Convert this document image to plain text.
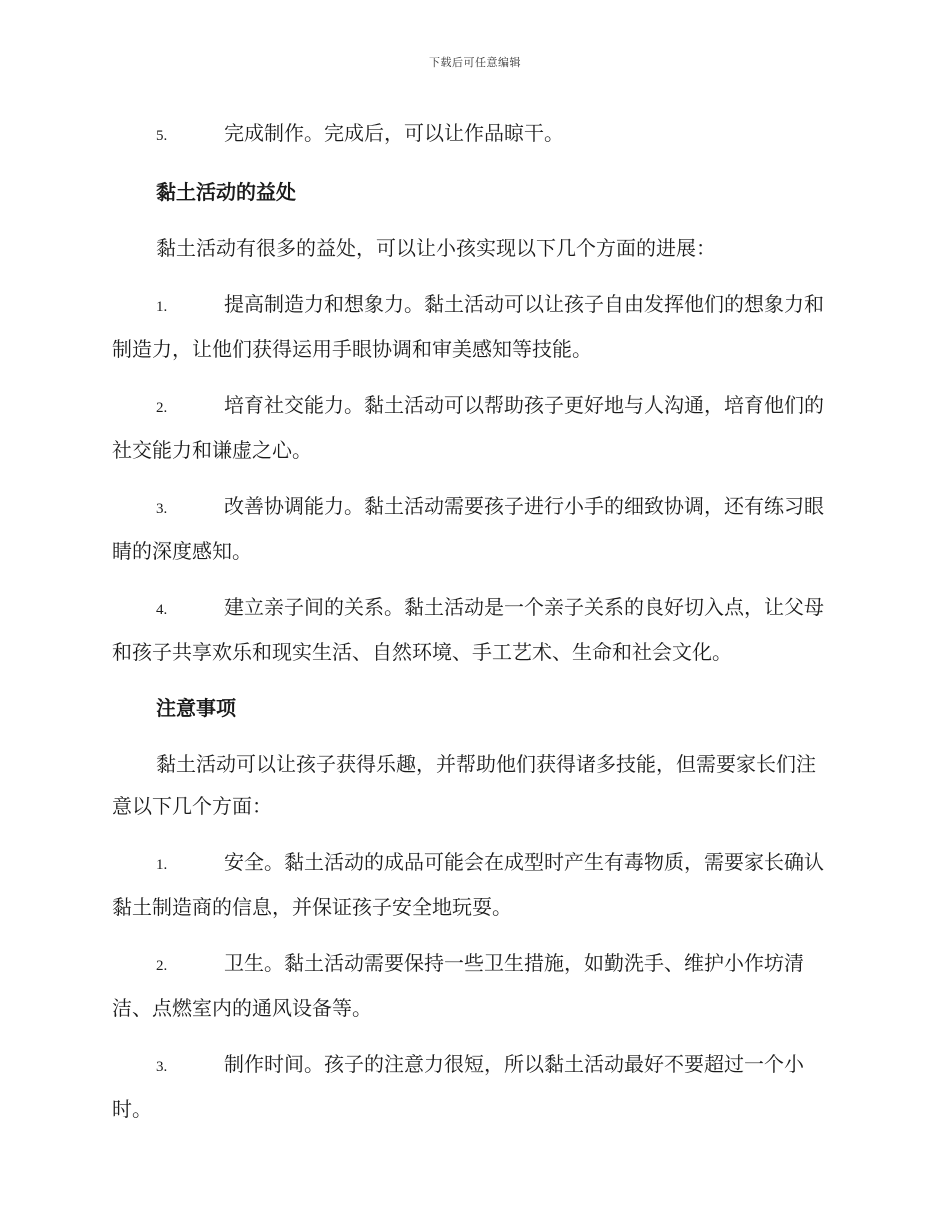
下载后可任意编辑
5.	完成制作。完成后，可以让作品晾干。
黏土活动的益处
黏土活动有很多的益处，可以让小孩实现以下几个方面的进展：
1.	提高制造力和想象力。黏土活动可以让孩子自由发挥他们的想象力和制造力，让他们获得运用手眼协调和审美感知等技能。
2.	培育社交能力。黏土活动可以帮助孩子更好地与人沟通，培育他们的社交能力和谦虚之心。
3.	改善协调能力。黏土活动需要孩子进行小手的细致协调，还有练习眼睛的深度感知。
4.	建立亲子间的关系。黏土活动是一个亲子关系的良好切入点，让父母和孩子共享欢乐和现实生活、自然环境、手工艺术、生命和社会文化。
注意事项
黏土活动可以让孩子获得乐趣，并帮助他们获得诸多技能，但需要家长们注意以下几个方面：
1.	安全。黏土活动的成品可能会在成型时产生有毒物质，需要家长确认黏土制造商的信息，并保证孩子安全地玩耍。
2.	卫生。黏土活动需要保持一些卫生措施，如勤洗手、维护小作坊清洁、点燃室内的通风设备等。
3.	制作时间。孩子的注意力很短，所以黏土活动最好不要超过一个小时。
